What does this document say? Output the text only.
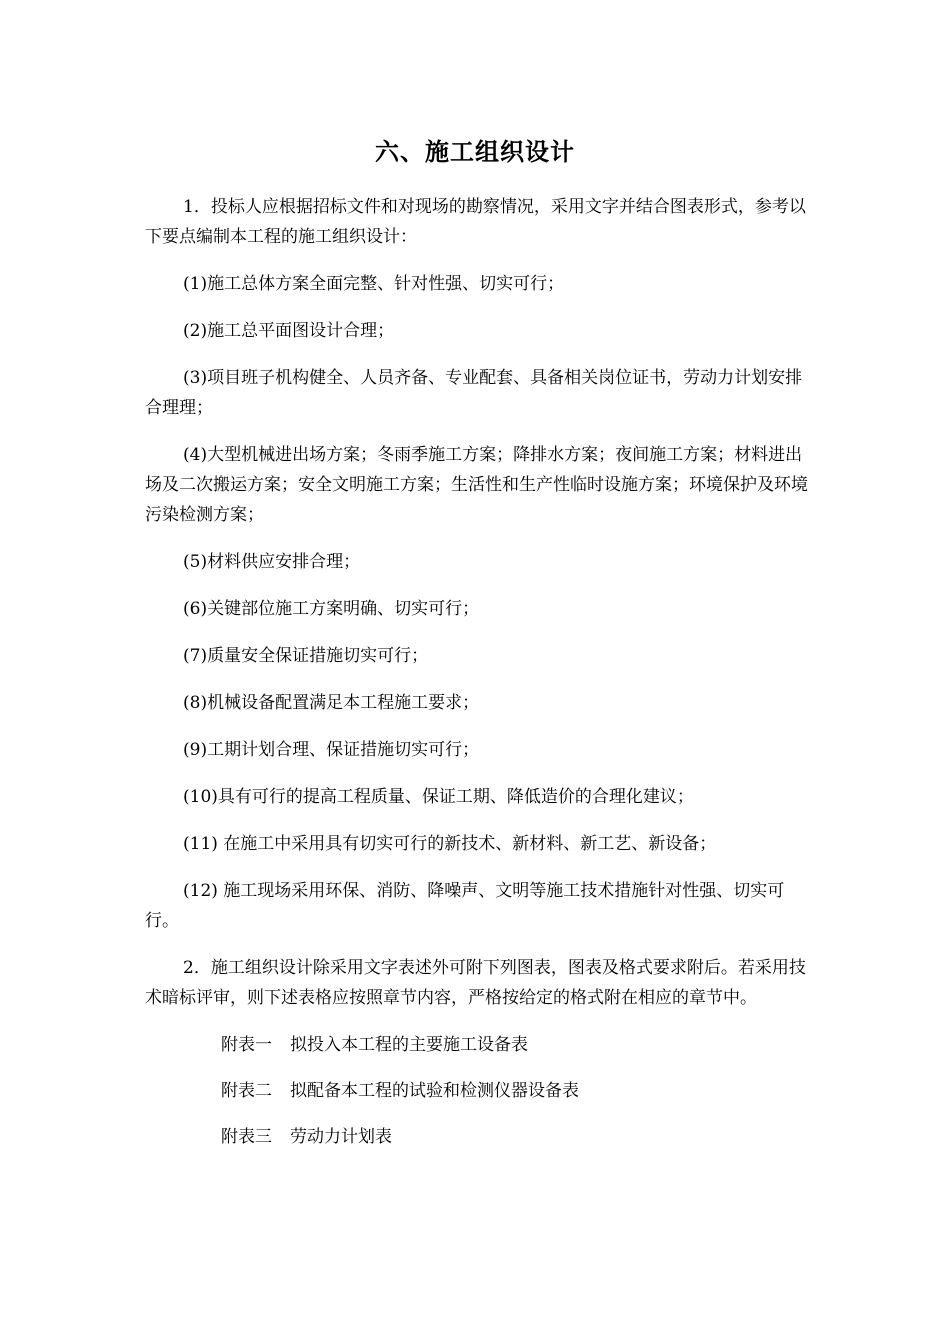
六、施工组织设计

1．投标人应根据招标文件和对现场的勘察情况，采用文字并结合图表形式，参考以下要点编制本工程的施工组织设计：

(1)施工总体方案全面完整、针对性强、切实可行；

(2)施工总平面图设计合理；

(3)项目班子机构健全、人员齐备、专业配套、具备相关岗位证书，劳动力计划安排合理理；

(4)大型机械进出场方案；冬雨季施工方案；降排水方案；夜间施工方案；材料进出场及二次搬运方案；安全文明施工方案；生活性和生产性临时设施方案；环境保护及环境污染检测方案；

(5)材料供应安排合理；

(6)关键部位施工方案明确、切实可行；

(7)质量安全保证措施切实可行；

(8)机械设备配置满足本工程施工要求；

(9)工期计划合理、保证措施切实可行；

(10)具有可行的提高工程质量、保证工期、降低造价的合理化建议；

(11) 在施工中采用具有切实可行的新技术、新材料、新工艺、新设备；

(12) 施工现场采用环保、消防、降噪声、文明等施工技术措施针对性强、切实可行。

2．施工组织设计除采用文字表述外可附下列图表，图表及格式要求附后。若采用技术暗标评审，则下述表格应按照章节内容，严格按给定的格式附在相应的章节中。

附表一 拟投入本工程的主要施工设备表

附表二 拟配备本工程的试验和检测仪器设备表

附表三 劳动力计划表
